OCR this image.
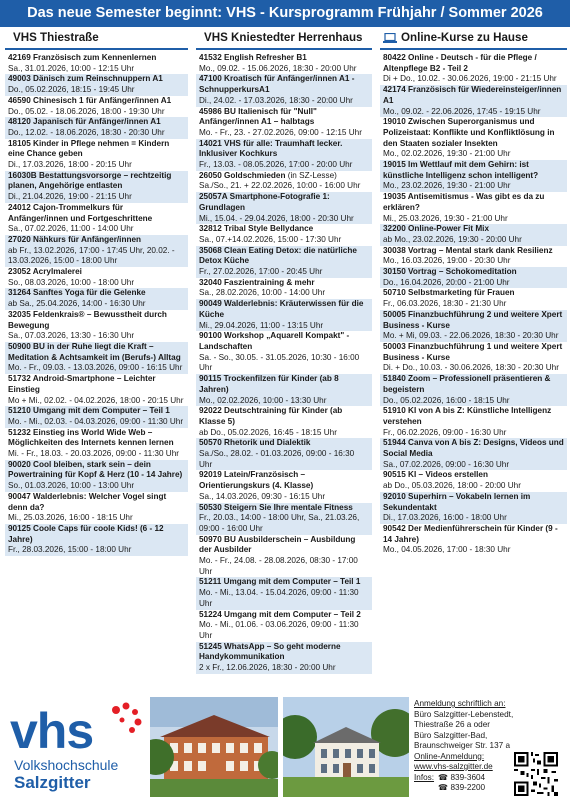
Das neue Semester beginnt: VHS - Kursprogramm Frühjahr / Sommer 2026
VHS Thiestraße
42169 Französisch zum Kennenlernen
Sa., 31.01.2026, 10:00 - 12:15 Uhr
49003 Dänisch zum Reinschnuppern A1
Do., 05.02.2026, 18:15 - 19:45 Uhr
46590 Chinesisch 1 für Anfänger/innen A1
Do., 05.02. - 18.06.2026, 18:00 - 19:30 Uhr
48120 Japanisch für Anfänger/innen A1
Do., 12.02. - 18.06.2026, 18:30 - 20:30 Uhr
18105 Kinder in Pflege nehmen = Kindern eine Chance geben
Di., 17.03.2026, 18:00 - 20:15 Uhr
16030B Bestattungsvorsorge – rechtzeitig planen, Angehörige entlasten
Di., 21.04.2026, 19:00 - 21:15 Uhr
24012 Cajon-Trommelkurs für Anfänger/innen und Fortgeschrittene
Sa., 07.02.2026, 11:00 - 14:00 Uhr
27020 Nähkurs für Anfänger/innen
ab Fr., 13.02.2026, 17:00 - 17:45 Uhr, 20.02. - 13.03.2026, 15:00 - 18:00 Uhr
23052 Acrylmalerei
So., 08.03.2026, 10:00 - 18:00 Uhr
31264 Sanftes Yoga für die Gelenke
ab Sa., 25.04.2026, 14:00 - 16:30 Uhr
32035 Feldenkrais® – Bewusstheit durch Bewegung
Sa., 07.03.2026, 13:30 - 16:30 Uhr
50900 BU in der Ruhe liegt die Kraft – Meditation & Achtsamkeit im (Berufs-) Alltag
Mo. - Fr., 09.03. - 13.03.2026, 09:00 - 16:15 Uhr
51732 Android-Smartphone – Leichter Einstieg
Mo + Mi., 02.02. - 04.02.2026, 18:00 - 20:15 Uhr
51210 Umgang mit dem Computer – Teil 1
Mo. - Mi., 02.03. - 04.03.2026, 09:00 - 11:30 Uhr
51232 Einstieg ins World Wide Web – Möglichkeiten des Internets kennen lernen
Mi. - Fr., 18.03. - 20.03.2026, 09:00 - 11:30 Uhr
90020 Cool bleiben, stark sein – dein Powertraining für Kopf & Herz (10 - 14 Jahre)
So., 01.03.2026, 10:00 - 13:00 Uhr
90047 Walderlebnis: Welcher Vogel singt denn da?
Mi., 25.03.2026, 16:00 - 18:15 Uhr
90125 Coole Caps für coole Kids! (6 - 12 Jahre)
Fr., 28.03.2026, 15:00 - 18:00 Uhr
VHS Kniestedter Herrenhaus
41532 English Refresher B1
Mo., 09.02. - 15.06.2026, 18:30 - 20:00 Uhr
47100 Kroatisch für Anfänger/innen A1 - SchnupperkursA1
Di., 24.02. - 17.03.2026, 18:30 - 20:00 Uhr
45986 BU Italienisch für "Null" Anfänger/innen A1 – halbtags
Mo. - Fr., 23. - 27.02.2026, 09:00 - 12:15 Uhr
14021 VHS für alle: Traumhaft lecker. Inklusiver Kochkurs
Fr., 13.03. - 08.05.2026, 17:00 - 20:00 Uhr
26050 Goldschmieden (in SZ-Lesse)
Sa./So., 21. + 22.02.2026, 10:00 - 16:00 Uhr
25057A Smartphone-Fotografie 1: Grundlagen
Mi., 15.04. - 29.04.2026, 18:00 - 20:30 Uhr
32812 Tribal Style Bellydance
Sa., 07.+14.02.2026, 15:00 - 17:30 Uhr
35068 Clean Eating Detox: die natürliche Detox Küche
Fr., 27.02.2026, 17:00 - 20:45 Uhr
32040 Faszientraining & mehr
Sa., 28.02.2026, 10:00 - 14:00 Uhr
90049 Walderlebnis: Kräuterwissen für die Küche
Mi., 29.04.2026, 11:00 - 13:15 Uhr
90100 Workshop „Aquarell Kompakt" - Landschaften
Sa. - So., 30.05. - 31.05.2026, 10:30 - 16:00 Uhr
90115 Trockenfilzen für Kinder (ab 8 Jahren)
Mo., 02.02.2026, 10:00 - 13:30 Uhr
92022 Deutschtraining für Kinder (ab Klasse 5)
ab Do., 05.02.2026, 16:45 - 18:15 Uhr
50570 Rhetorik und Dialektik
Sa./So., 28.02. - 01.03.2026, 09:00 - 16:30 Uhr
92019 Latein/Französisch – Orientierungskurs (4. Klasse)
Sa., 14.03.2026, 09:30 - 16:15 Uhr
50530 Steigern Sie Ihre mentale Fitness
Fr., 20.03., 14:00 - 18:00 Uhr, Sa., 21.03.26, 09:00 - 16:00 Uhr
50970 BU Ausbilderschein – Ausbildung der Ausbilder
Mo. - Fr., 24.08. - 28.08.2026, 08:30 - 17:00 Uhr
51211 Umgang mit dem Computer – Teil 1
Mo. - Mi., 13.04. - 15.04.2026, 09:00 - 11:30 Uhr
51224 Umgang mit dem Computer – Teil 2
Mo. - Mi., 01.06. - 03.06.2026, 09:00 - 11:30 Uhr
51245 WhatsApp – So geht moderne Handykommunikation
2 x Fr., 12.06.2026, 18:30 - 20:00 Uhr
Online-Kurse zu Hause
80422 Online - Deutsch - für die Pflege / Altenpflege B2 - Teil 2
Di + Do., 10.02. - 30.06.2026, 19:00 - 21:15 Uhr
42174 Französisch für Wiedereinsteiger/innen A1
Mo., 09.02. - 22.06.2026, 17:45 - 19:15 Uhr
19010 Zwischen Superorganismus und Polizeistaat: Konflikte und Konfliktlösung in den Staaten sozialer Insekten
Mo., 02.02.2026, 19:30 - 21:00 Uhr
19015 Im Wettlauf mit dem Gehirn: ist künstliche Intelligenz schon intelligent?
Mo., 23.02.2026, 19:30 - 21:00 Uhr
19035 Antisemitismus - Was gibt es da zu erklären?
Mi., 25.03.2026, 19:30 - 21:00 Uhr
32200 Online-Power Fit Mix
ab Mo., 23.02.2026, 19:30 - 20:00 Uhr
30038 Vortrag – Mental stark dank Resilienz
Mo., 16.03.2026, 19:00 - 20:30 Uhr
30150 Vortrag – Schokomeditation
Do., 16.04.2026, 20:00 - 21:00 Uhr
50710 Selbstmarketing für Frauen
Fr., 06.03.2026, 18:30 - 21:30 Uhr
50005 Finanzbuchführung 2 und weitere Xpert Business - Kurse
Mo. + Mi, 09.03. - 22.06.2026, 18:30 - 20:30 Uhr
50003 Finanzbuchführung 1 und weitere Xpert Business - Kurse
Di. + Do., 10.03. - 30.06.2026, 18:30 - 20:30 Uhr
51840 Zoom – Professionell präsentieren & begeistern
Do., 05.02.2026, 16:00 - 18:15 Uhr
51910 KI von A bis Z: Künstliche Intelligenz verstehen
Fr., 06.02.2026, 09:00 - 16:30 Uhr
51944 Canva von A bis Z: Designs, Videos und Social Media
Sa., 07.02.2026, 09:00 - 16:30 Uhr
90515 KI – Videos erstellen
ab Do., 05.03.2026, 18:00 - 20:00 Uhr
92010 Superhirn – Vokabeln lernen im Sekundentakt
Di., 17.03.2026, 16:00 - 18:00 Uhr
90542 Der Medienführerschein für Kinder (9 - 14 Jahre)
Mo., 04.05.2026, 17:00 - 18:30 Uhr
vhs
Volkshochschule
Salzgitter
Anmeldung schriftlich an:
Büro Salzgitter-Lebenstedt,
Thiestraße 26 a oder
Büro Salzgitter-Bad,
Braunschweiger Str. 137 a
Online-Anmeldung:
www.vhs-salzgitter.de
Infos: ☎ 839-3604
☎ 839-2200
